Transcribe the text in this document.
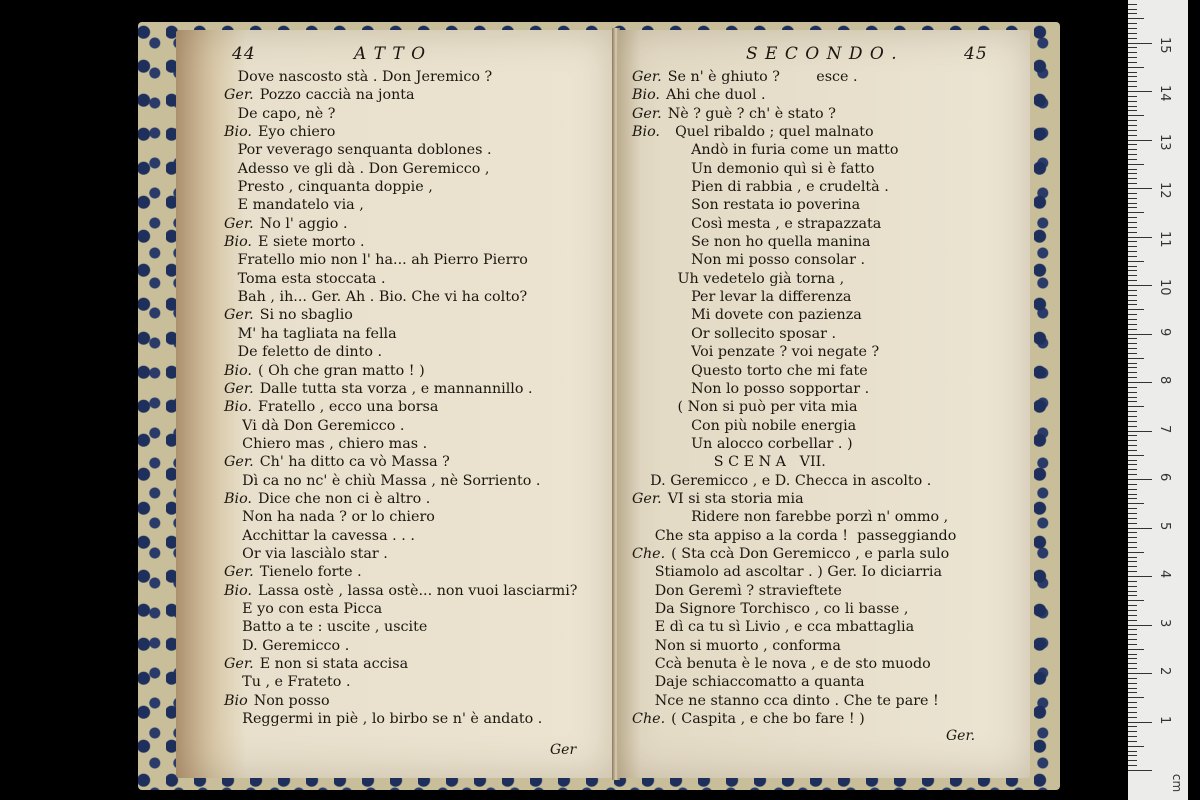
44	A T T O
Dove nascosto stà . Don Jeremico ?
Ger. Pozzo caccià na jonta
De capo, nè ?
Bio. Eyo chiero
Por veverago senquanta doblones .
Adesso ve gli dà . Don Geremicco ,
Presto , cinquanta doppie ,
E mandatelo via ,
Ger. No l' aggio .
Bio. E siete morto .
Fratello mio non l' ha... ah Pierro Pierro
Toma esta stoccata .
Bah , ih... Ger. Ah . Bio. Che vi ha colto?
Ger. Si no sbaglio
M' ha tagliata na fella
De feletto de dinto .
Bio. ( Oh che gran matto ! )
Ger. Dalle tutta sta vorza , e mannannillo .
Bio. Fratello , ecco una borsa
Vi dà Don Geremicco .
Chiero mas , chiero mas .
Ger. Ch' ha ditto ca vò Massa ?
Dì ca no nc' è chiù Massa , nè Sorriento .
Bio. Dice che non ci è altro .
Non ha nada ? or lo chiero
Acchittar la cavessa . . .
Or via lasciàlo star .
Ger. Tienelo forte .
Bio. Lassa ostè , lassa ostè... non vuoi lasciarmi?
E yo con esta Picca
Batto a te : uscite , uscite
D. Geremicco .
Ger. E non si stata accisa
Tu , e Frateto .
Bio Non posso
Reggermi in piè , lo birbo se n' è andato .
Ger
S E C O N D O .	45
Ger. Se n' è ghiuto ?        esce .
Bio. Ahi che duol .
Ger. Nè ? guè ? ch' è stato ?
Bio.  Quel ribaldo ; quel malnato
Andò in furia come un matto
Un demonio quì si è fatto
Pien di rabbia , e crudeltà .
Son restata io poverina
Così mesta , e strapazzata
Se non ho quella manina
Non mi posso consolar .
Uh vedetelo già torna ,
Per levar la differenza
Mi dovete con pazienza
Or sollecito sposar .
Voi penzate ? voi negate ?
Questo torto che mi fate
Non lo posso sopportar .
( Non si può per vita mia
Con più nobile energia
Un alocco corbellar . )
S C E N A   VII.
D. Geremicco , e D. Checca in ascolto .
Ger. VI si sta storia mia
Ridere non farebbe porzì n' ommo ,
Che sta appiso a la corda !  passeggiando
Che. ( Sta ccà Don Geremicco , e parla sulo
Stiamolo ad ascoltar . ) Ger. Io diciarria
Don Geremì ? stravieftete
Da Signore Torchisco , co li basse ,
E dì ca tu sì Livio , e cca mbattaglia
Non si muorto , conforma
Ccà benuta è le nova , e de sto muodo
Daje schiaccomatto a quanta
Nce ne stanno cca dinto . Che te pare !
Che. ( Caspita , e che bo fare ! )
Ger.
cm
1
2
3
4
5
6
7
8
9
10
11
12
13
14
15
